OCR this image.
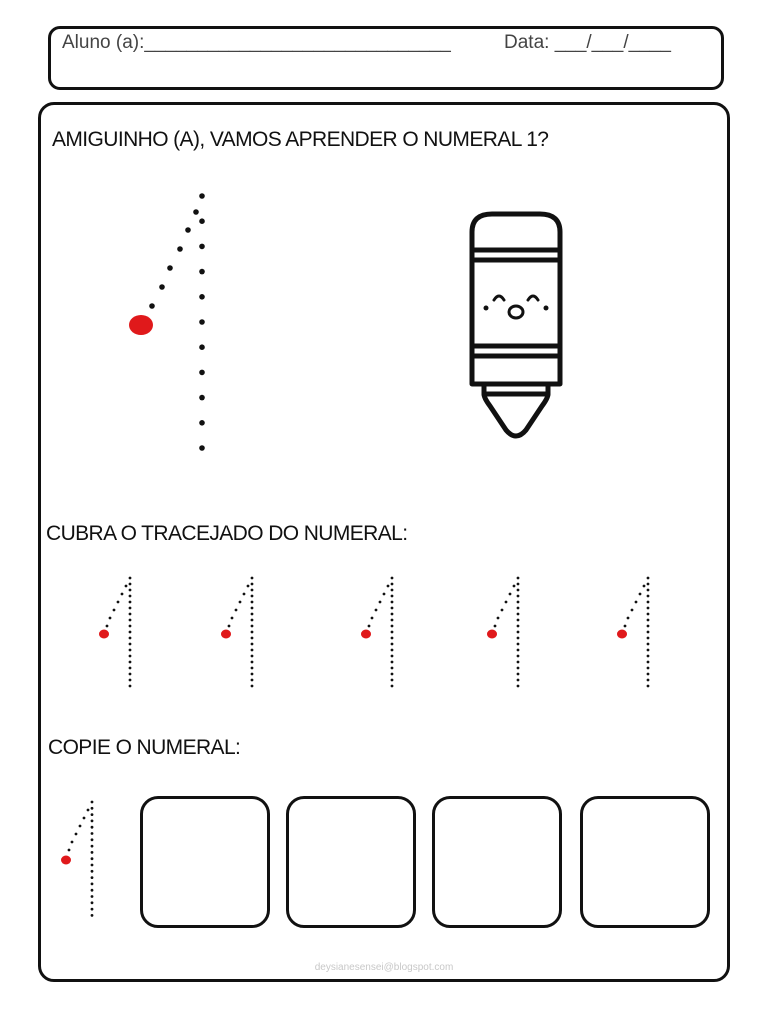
Aluno (a):_____________________________	Data: ___/___/____
AMIGUINHO (A), VAMOS APRENDER O NUMERAL 1?
CUBRA O TRACEJADO DO NUMERAL:
COPIE O NUMERAL:
deysianesensei@blogspot.com
